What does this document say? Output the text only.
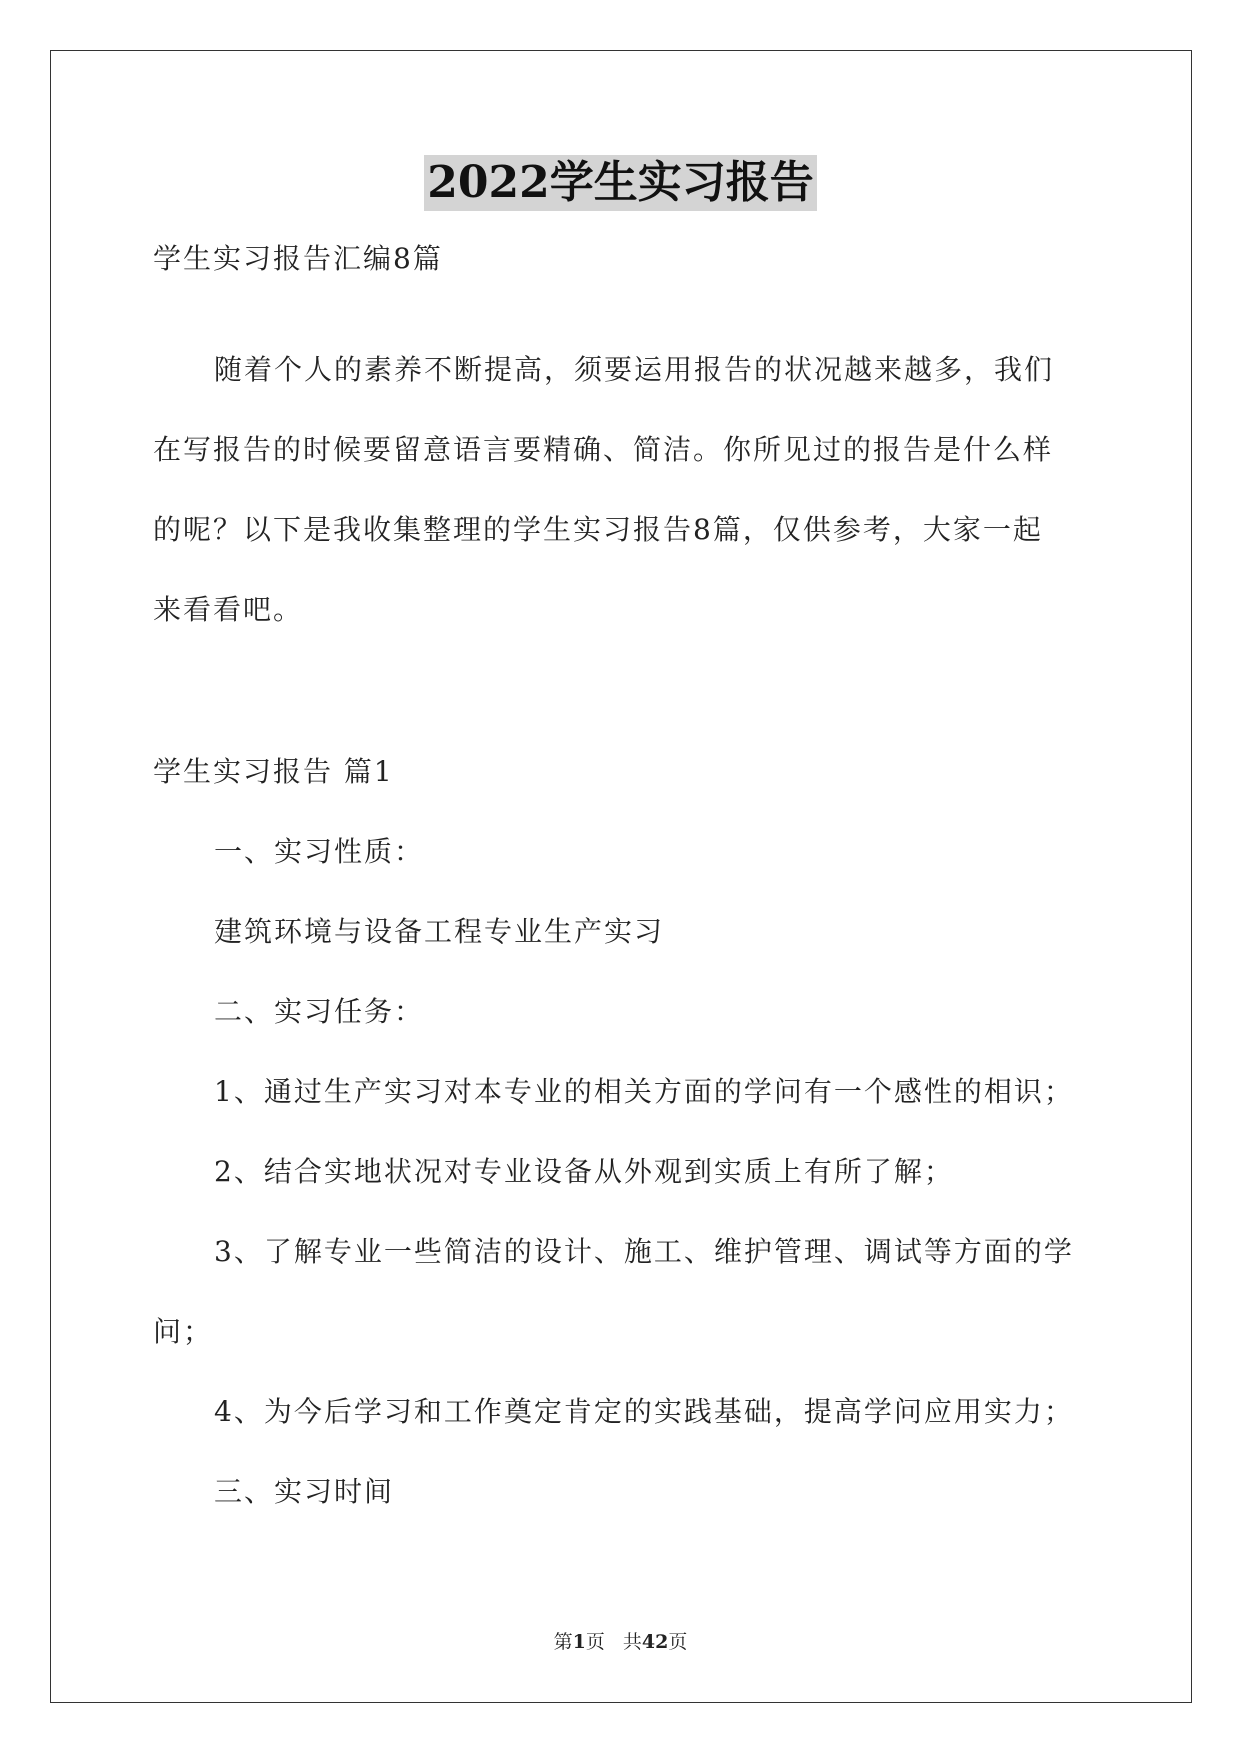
2022学生实习报告
学生实习报告汇编8篇
随着个人的素养不断提高，须要运用报告的状况越来越多，我们
在写报告的时候要留意语言要精确、简洁。你所见过的报告是什么样
的呢？以下是我收集整理的学生实习报告8篇，仅供参考，大家一起
来看看吧。
学生实习报告 篇1
一、实习性质：
建筑环境与设备工程专业生产实习
二、实习任务：
1、通过生产实习对本专业的相关方面的学问有一个感性的相识；
2、结合实地状况对专业设备从外观到实质上有所了解；
3、了解专业一些简洁的设计、施工、维护管理、调试等方面的学
问；
4、为今后学习和工作奠定肯定的实践基础，提高学问应用实力；
三、实习时间
第1页 共42页
